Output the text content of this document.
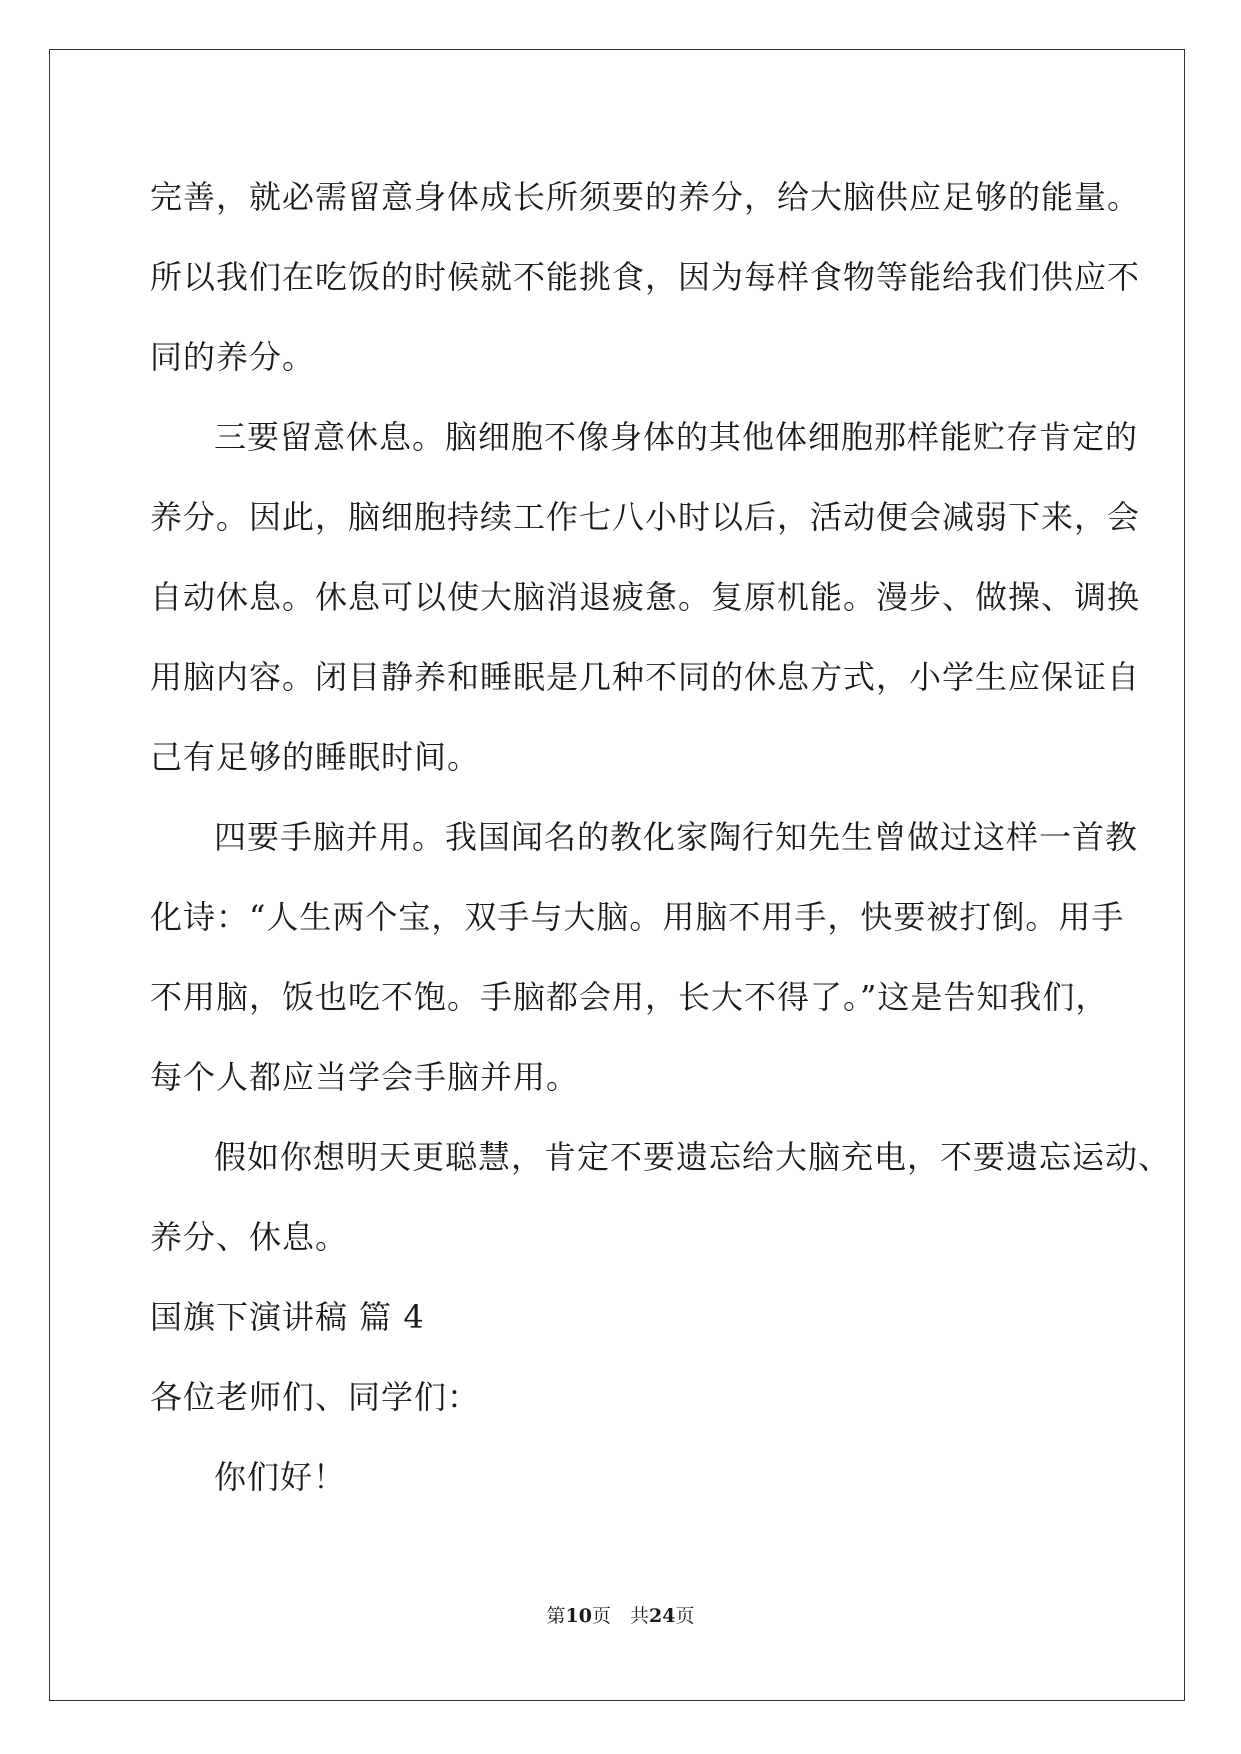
完善，就必需留意身体成长所须要的养分，给大脑供应足够的能量。
所以我们在吃饭的时候就不能挑食，因为每样食物等能给我们供应不
同的养分。
三要留意休息。脑细胞不像身体的其他体细胞那样能贮存肯定的
养分。因此，脑细胞持续工作七八小时以后，活动便会减弱下来，会
自动休息。休息可以使大脑消退疲惫。复原机能。漫步、做操、调换
用脑内容。闭目静养和睡眠是几种不同的休息方式，小学生应保证自
己有足够的睡眠时间。
四要手脑并用。我国闻名的教化家陶行知先生曾做过这样一首教
化诗：“人生两个宝，双手与大脑。用脑不用手，快要被打倒。用手
不用脑，饭也吃不饱。手脑都会用，长大不得了。”这是告知我们，
每个人都应当学会手脑并用。
假如你想明天更聪慧，肯定不要遗忘给大脑充电，不要遗忘运动、
养分、休息。
国旗下演讲稿 篇 4
各位老师们、同学们：
你们好！
第10页　共24页
